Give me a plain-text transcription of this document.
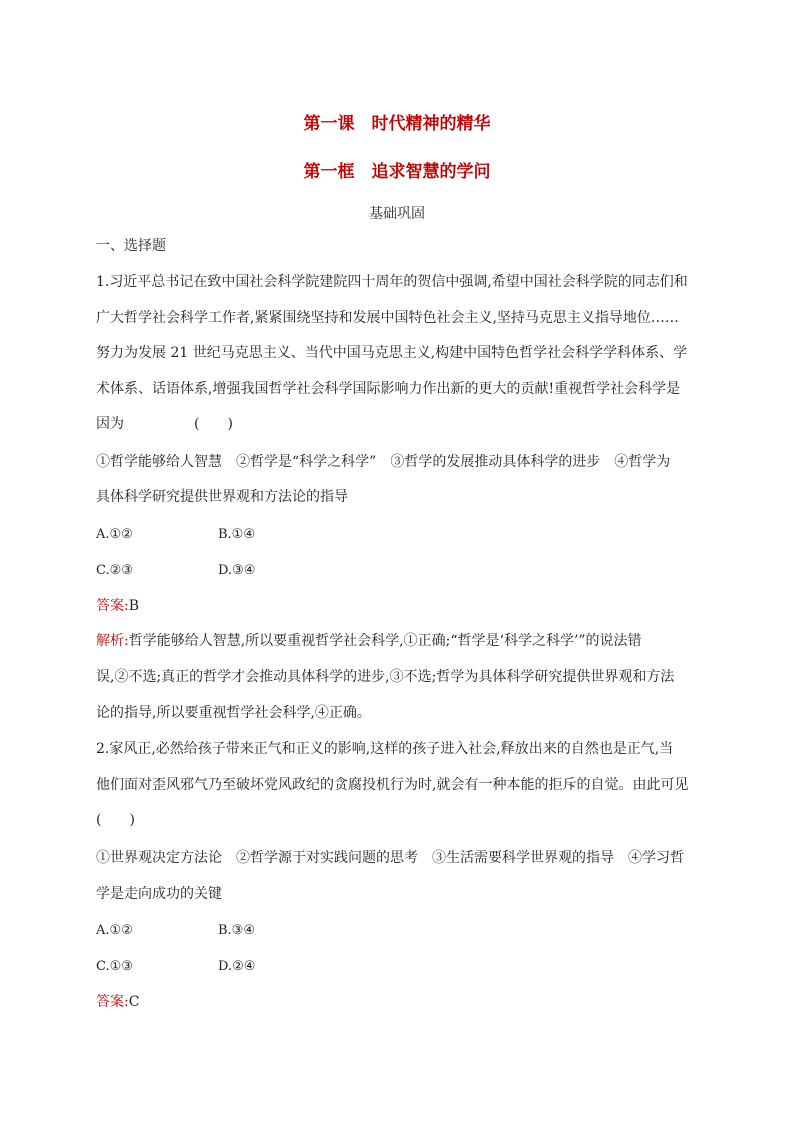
第一课　时代精神的精华
第一框　追求智慧的学问
基础巩固
一、选择题
1.习近平总书记在致中国社会科学院建院四十周年的贺信中强调,希望中国社会科学院的同志们和
广大哲学社会科学工作者,紧紧围绕坚持和发展中国特色社会主义,坚持马克思主义指导地位……
努力为发展 21 世纪马克思主义、当代中国马克思主义,构建中国特色哲学社会科学学科体系、学
术体系、话语体系,增强我国哲学社会科学国际影响力作出新的更大的贡献!重视哲学社会科学是
因为　　　　　(　　)
①哲学能够给人智慧　②哲学是“科学之科学”　③哲学的发展推动具体科学的进步　④哲学为
具体科学研究提供世界观和方法论的指导
A.①②	B.①④
C.②③	D.③④
答案:B
解析:哲学能够给人智慧,所以要重视哲学社会科学,①正确;“哲学是‘科学之科学’”的说法错
误,②不选;真正的哲学才会推动具体科学的进步,③不选;哲学为具体科学研究提供世界观和方法
论的指导,所以要重视哲学社会科学,④正确。
2.家风正,必然给孩子带来正气和正义的影响,这样的孩子进入社会,释放出来的自然也是正气,当
他们面对歪风邪气乃至破坏党风政纪的贪腐投机行为时,就会有一种本能的拒斥的自觉。由此可见
(　　)
①世界观决定方法论　②哲学源于对实践问题的思考　③生活需要科学世界观的指导　④学习哲
学是走向成功的关键
A.①②	B.③④
C.①③	D.②④
答案:C
